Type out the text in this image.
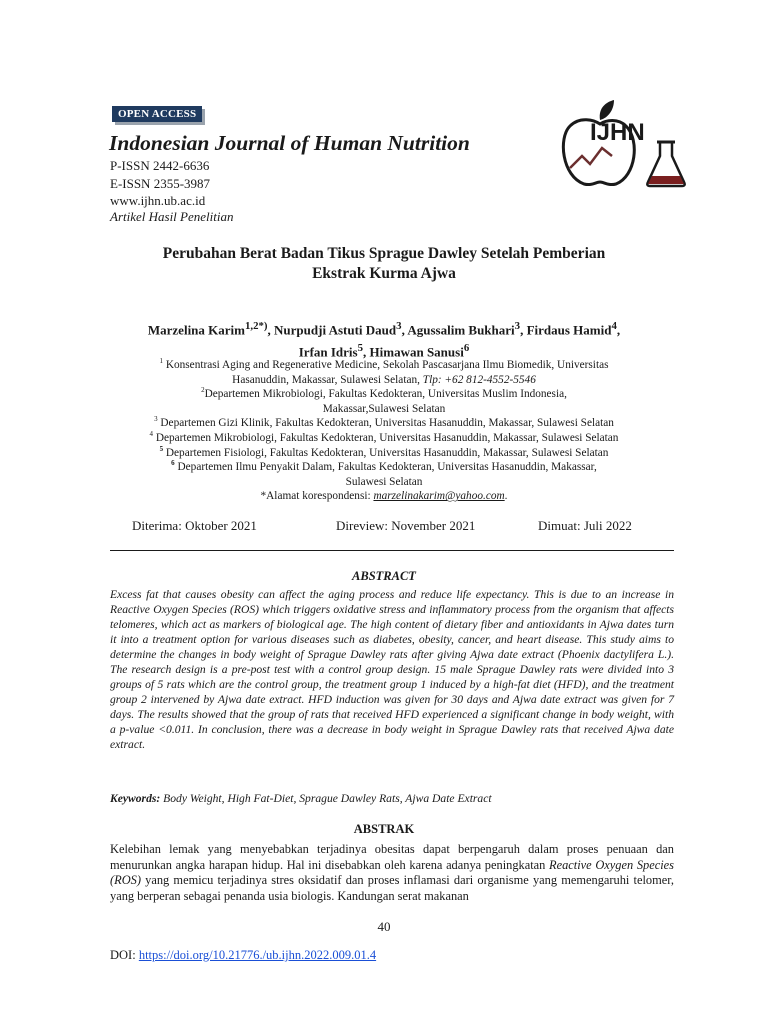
OPEN ACCESS
Indonesian Journal of Human Nutrition
P-ISSN 2442-6636
E-ISSN 2355-3987
www.ijhn.ub.ac.id
Artikel Hasil Penelitian
IJHN
Perubahan Berat Badan Tikus Sprague Dawley Setelah Pemberian
Ekstrak Kurma Ajwa
Marzelina Karim$^{1,2*)}$, Nurpudji Astuti Daud$^3$, Agussalim Bukhari$^3$, Firdaus Hamid$^4$,
Irfan Idris$^5$, Himawan Sanusi$^6$
$^1$ Konsentrasi Aging and Regenerative Medicine, Sekolah Pascasarjana Ilmu Biomedik, Universitas
Hasanuddin, Makassar, Sulawesi Selatan, Tlp: +62 812-4552-5546
$^2$Departemen Mikrobiologi, Fakultas Kedokteran, Universitas Muslim Indonesia,
Makassar,Sulawesi Selatan
$^3$ Departemen Gizi Klinik, Fakultas Kedokteran, Universitas Hasanuddin, Makassar, Sulawesi Selatan
$^4$ Departemen Mikrobiologi, Fakultas Kedokteran, Universitas Hasanuddin, Makassar, Sulawesi Selatan
$^5$ Departemen Fisiologi, Fakultas Kedokteran, Universitas Hasanuddin, Makassar, Sulawesi Selatan
$^6$ Departemen Ilmu Penyakit Dalam, Fakultas Kedokteran, Universitas Hasanuddin, Makassar,
Sulawesi Selatan
*Alamat korespondensi: marzelinakarim@yahoo.com.
Diterima: Oktober 2021	Direview: November 2021	Dimuat: Juli 2022
ABSTRACT
Excess fat that causes obesity can affect the aging process and reduce life expectancy. This is due to an increase in Reactive Oxygen Species (ROS) which triggers oxidative stress and inflammatory process from the organism that affects telomeres, which act as markers of biological age. The high content of dietary fiber and antioxidants in Ajwa dates turn it into a treatment option for various diseases such as diabetes, obesity, cancer, and heart disease. This study aims to determine the changes in body weight of Sprague Dawley rats after giving Ajwa date extract (Phoenix dactylifera L.). The research design is a pre-post test with a control group design. 15 male Sprague Dawley rats were divided into 3 groups of 5 rats which are the control group, the treatment group 1 induced by a high-fat diet (HFD), and the treatment group 2 intervened by Ajwa date extract. HFD induction was given for 30 days and Ajwa date extract was given for 7 days. The results showed that the group of rats that received HFD experienced a significant change in body weight, with a p-value <0.011. In conclusion, there was a decrease in body weight in Sprague Dawley rats that received Ajwa date extract.
Keywords: Body Weight, High Fat-Diet, Sprague Dawley Rats, Ajwa Date Extract
ABSTRAK
Kelebihan lemak yang menyebabkan terjadinya obesitas dapat berpengaruh dalam proses penuaan dan menurunkan angka harapan hidup. Hal ini disebabkan oleh karena adanya peningkatan Reactive Oxygen Species (ROS) yang memicu terjadinya stres oksidatif dan proses inflamasi dari organisme yang memengaruhi telomer, yang berperan sebagai penanda usia biologis. Kandungan serat makanan
40
DOI: https://doi.org/10.21776./ub.ijhn.2022.009.01.4
